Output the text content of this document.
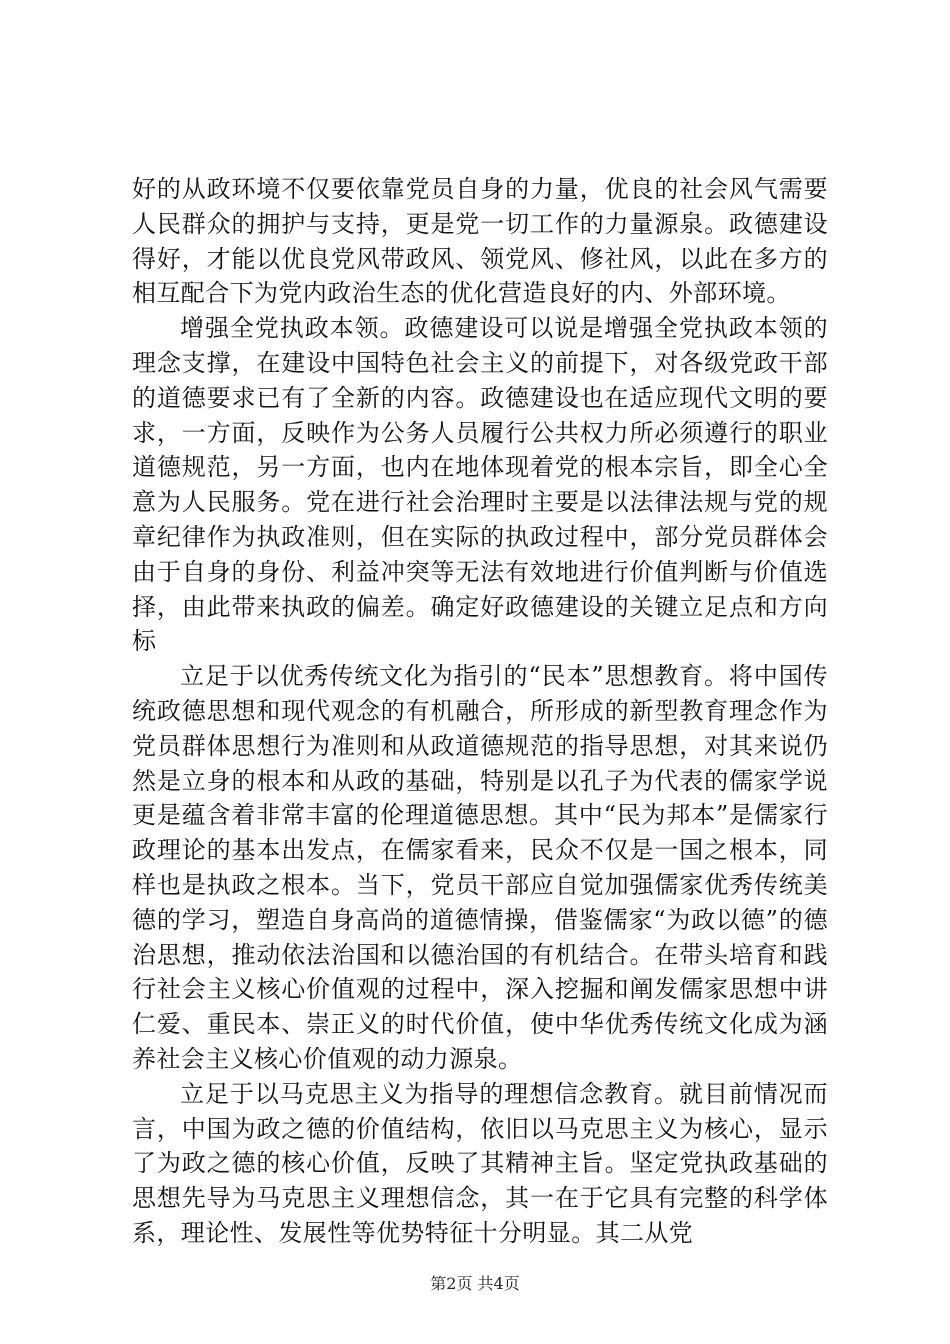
好的从政环境不仅要依靠党员自身的力量，优良的社会风气需要人民群众的拥护与支持，更是党一切工作的力量源泉。政德建设得好，才能以优良党风带政风、领党风、修社风，以此在多方的相互配合下为党内政治生态的优化营造良好的内、外部环境。

增强全党执政本领。政德建设可以说是增强全党执政本领的理念支撑，在建设中国特色社会主义的前提下，对各级党政干部的道德要求已有了全新的内容。政德建设也在适应现代文明的要求，一方面，反映作为公务人员履行公共权力所必须遵行的职业道德规范，另一方面，也内在地体现着党的根本宗旨，即全心全意为人民服务。党在进行社会治理时主要是以法律法规与党的规章纪律作为执政准则，但在实际的执政过程中，部分党员群体会由于自身的身份、利益冲突等无法有效地进行价值判断与价值选择，由此带来执政的偏差。确定好政德建设的关键立足点和方向标

立足于以优秀传统文化为指引的“民本”思想教育。将中国传统政德思想和现代观念的有机融合，所形成的新型教育理念作为党员群体思想行为准则和从政道德规范的指导思想，对其来说仍然是立身的根本和从政的基础，特别是以孔子为代表的儒家学说更是蕴含着非常丰富的伦理道德思想。其中“民为邦本”是儒家行政理论的基本出发点，在儒家看来，民众不仅是一国之根本，同样也是执政之根本。当下，党员干部应自觉加强儒家优秀传统美德的学习，塑造自身高尚的道德情操，借鉴儒家“为政以德”的德治思想，推动依法治国和以德治国的有机结合。在带头培育和践行社会主义核心价值观的过程中，深入挖掘和阐发儒家思想中讲仁爱、重民本、崇正义的时代价值，使中华优秀传统文化成为涵养社会主义核心价值观的动力源泉。

立足于以马克思主义为指导的理想信念教育。就目前情况而言，中国为政之德的价值结构，依旧以马克思主义为核心，显示了为政之德的核心价值，反映了其精神主旨。坚定党执政基础的思想先导为马克思主义理想信念，其一在于它具有完整的科学体系，理论性、发展性等优势特征十分明显。其二从党

第2页 共4页
